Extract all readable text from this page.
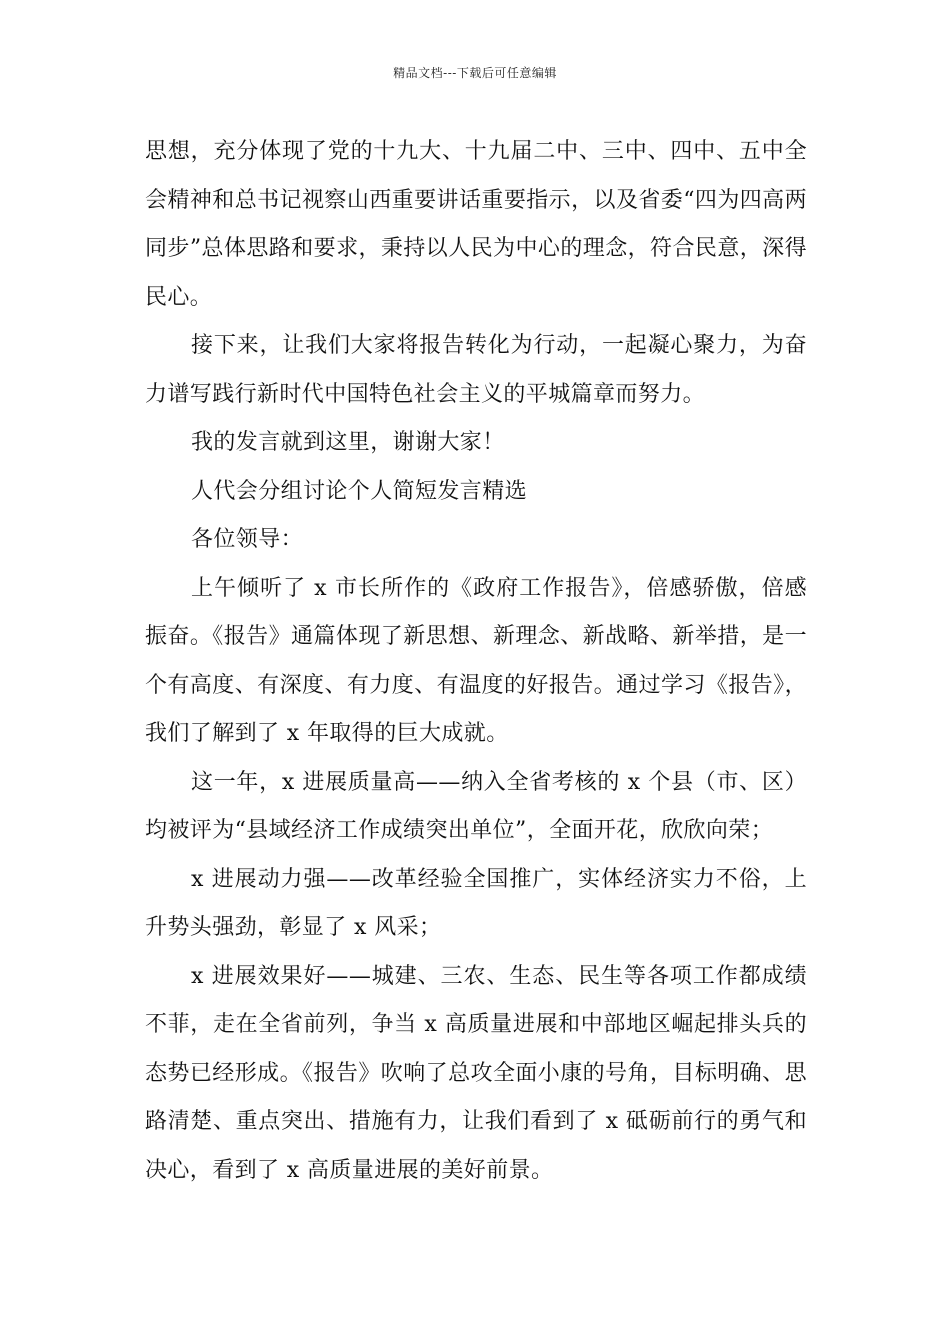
精品文档---下载后可任意编辑

思想，充分体现了党的十九大、十九届二中、三中、四中、五中全会精神和总书记视察山西重要讲话重要指示，以及省委“四为四高两同步”总体思路和要求，秉持以人民为中心的理念，符合民意，深得民心。

接下来，让我们大家将报告转化为行动，一起凝心聚力，为奋力谱写践行新时代中国特色社会主义的平城篇章而努力。

我的发言就到这里，谢谢大家！

人代会分组讨论个人简短发言精选

各位领导：

上午倾听了 x 市长所作的《政府工作报告》，倍感骄傲，倍感振奋。《报告》通篇体现了新思想、新理念、新战略、新举措，是一个有高度、有深度、有力度、有温度的好报告。通过学习《报告》，我们了解到了 x 年取得的巨大成就。

这一年，x 进展质量高——纳入全省考核的 x 个县（市、区）均被评为“县域经济工作成绩突出单位”，全面开花，欣欣向荣；

x 进展动力强——改革经验全国推广，实体经济实力不俗，上升势头强劲，彰显了 x 风采；

x 进展效果好——城建、三农、生态、民生等各项工作都成绩不菲，走在全省前列，争当 x 高质量进展和中部地区崛起排头兵的态势已经形成。《报告》吹响了总攻全面小康的号角，目标明确、思路清楚、重点突出、措施有力，让我们看到了 x 砥砺前行的勇气和决心，看到了 x 高质量进展的美好前景。
